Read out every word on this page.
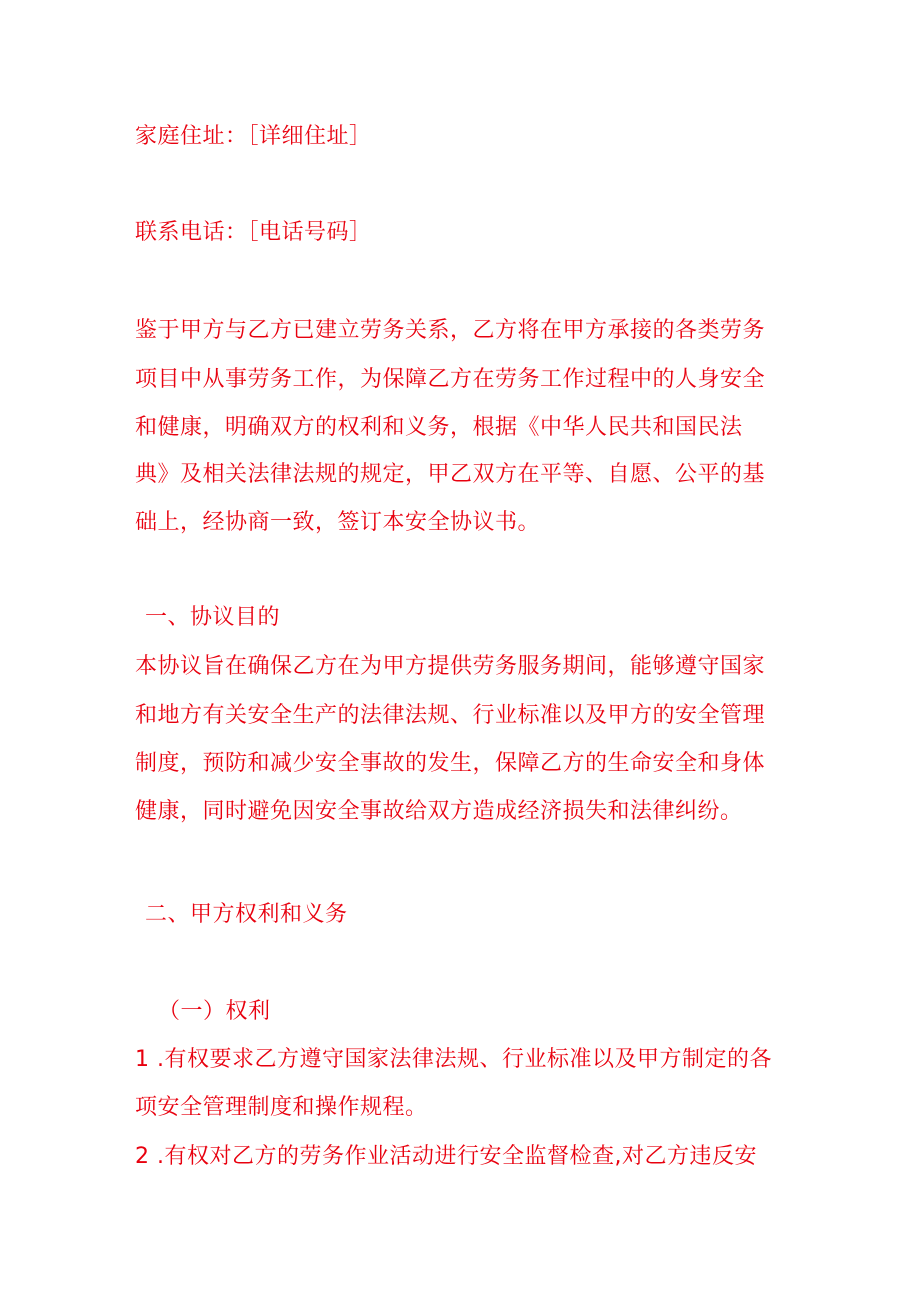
家庭住址：［详细住址］
联系电话：［电话号码］
鉴于甲方与乙方已建立劳务关系，乙方将在甲方承接的各类劳务
项目中从事劳务工作，为保障乙方在劳务工作过程中的人身安全
和健康，明确双方的权利和义务，根据《中华人民共和国民法
典》及相关法律法规的规定，甲乙双方在平等、自愿、公平的基
础上，经协商一致，签订本安全协议书。
一、协议目的
本协议旨在确保乙方在为甲方提供劳务服务期间，能够遵守国家
和地方有关安全生产的法律法规、行业标准以及甲方的安全管理
制度，预防和减少安全事故的发生，保障乙方的生命安全和身体
健康，同时避免因安全事故给双方造成经济损失和法律纠纷。
二、甲方权利和义务
（一）权利
1 .有权要求乙方遵守国家法律法规、行业标准以及甲方制定的各
项安全管理制度和操作规程。
2 .有权对乙方的劳务作业活动进行安全监督检查,对乙方违反安
